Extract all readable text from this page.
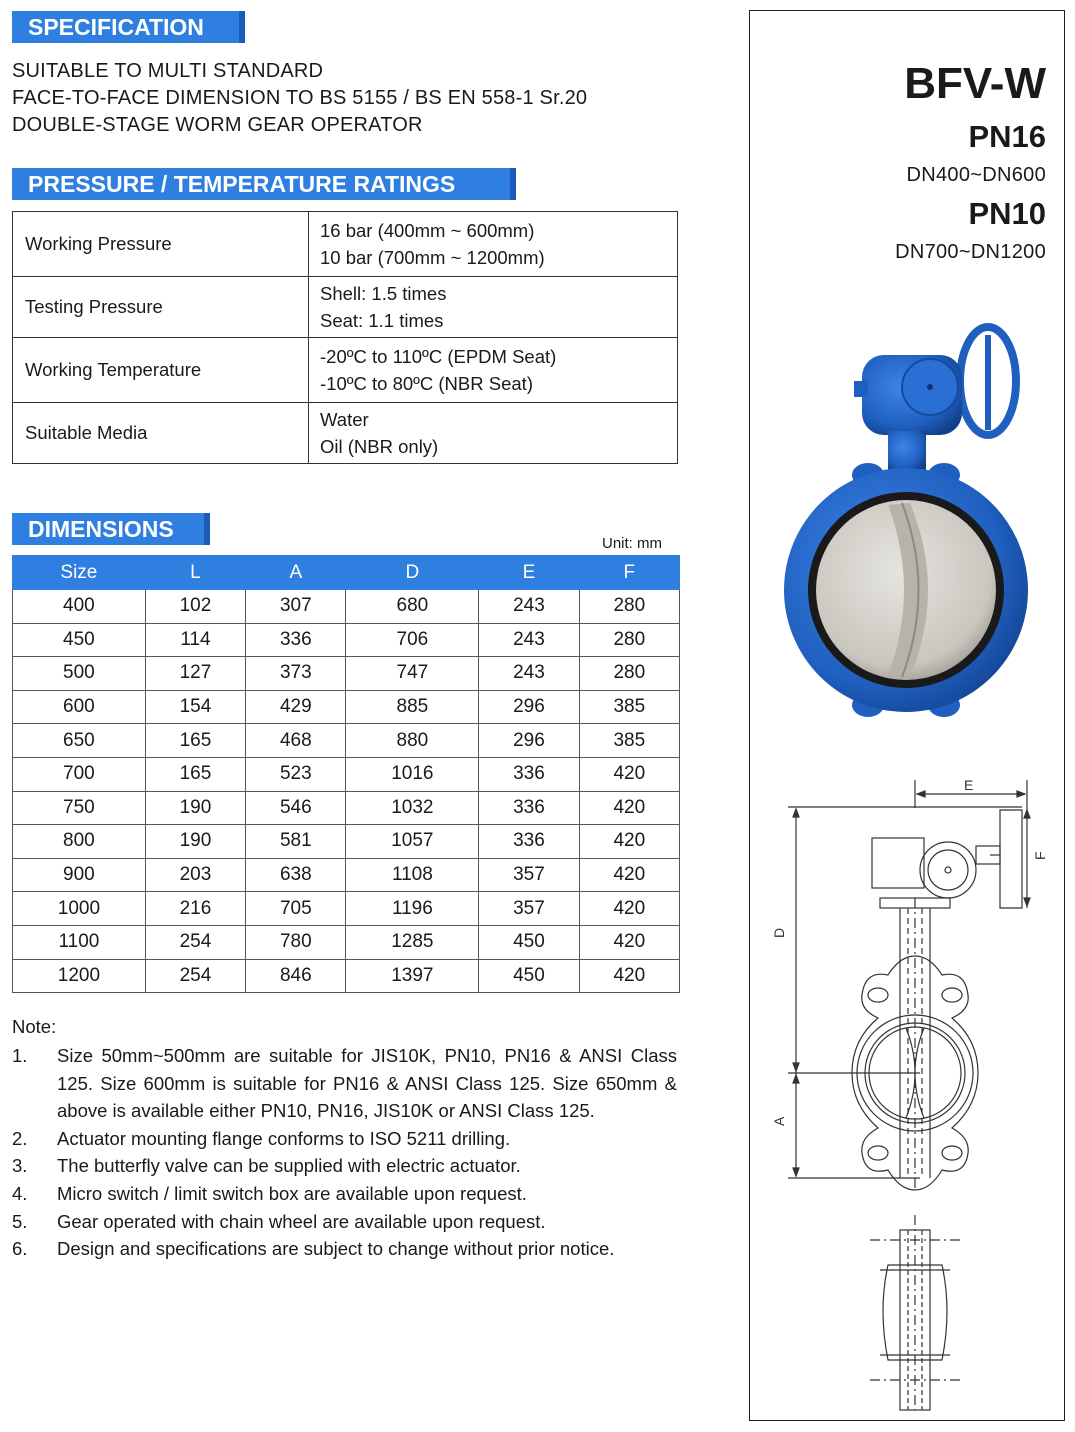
SPECIFICATION
SUITABLE TO MULTI STANDARD
FACE-TO-FACE DIMENSION TO BS 5155 / BS EN 558-1 Sr.20
DOUBLE-STAGE WORM GEAR OPERATOR
PRESSURE / TEMPERATURE RATINGS
Working Pressure	16 bar (400mm ~ 600mm)
10 bar (700mm ~ 1200mm)

Testing Pressure	Shell: 1.5 times
Seat: 1.1 times

Working Temperature	-20ºC to 110ºC (EPDM Seat)
-10ºC to 80ºC (NBR Seat)

Suitable Media	Water
Oil (NBR only)
DIMENSIONS
Unit: mm
Size	L	A	D	E	F
400	102	307	680	243	280
450	114	336	706	243	280
500	127	373	747	243	280
600	154	429	885	296	385
650	165	468	880	296	385
700	165	523	1016	336	420
750	190	546	1032	336	420
800	190	581	1057	336	420
900	203	638	1108	357	420
1000	216	705	1196	357	420
1100	254	780	1285	450	420
1200	254	846	1397	450	420
Note:
1.	Size 50mm~500mm are suitable for JIS10K, PN10, PN16 & ANSI Class 125. Size 600mm is suitable for PN16 & ANSI Class 125. Size 650mm & above is available either PN10, PN16, JIS10K or ANSI Class 125.
2.	Actuator mounting flange conforms to ISO 5211 drilling.
3.	The butterfly valve can be supplied with electric actuator.
4.	Micro switch / limit switch box are available upon request.
5.	Gear operated with chain wheel are available upon request.
6.	Design and specifications are subject to change without prior notice.
BFV-W
PN16
DN400~DN600
PN10
DN700~DN1200
E
D
A
F
